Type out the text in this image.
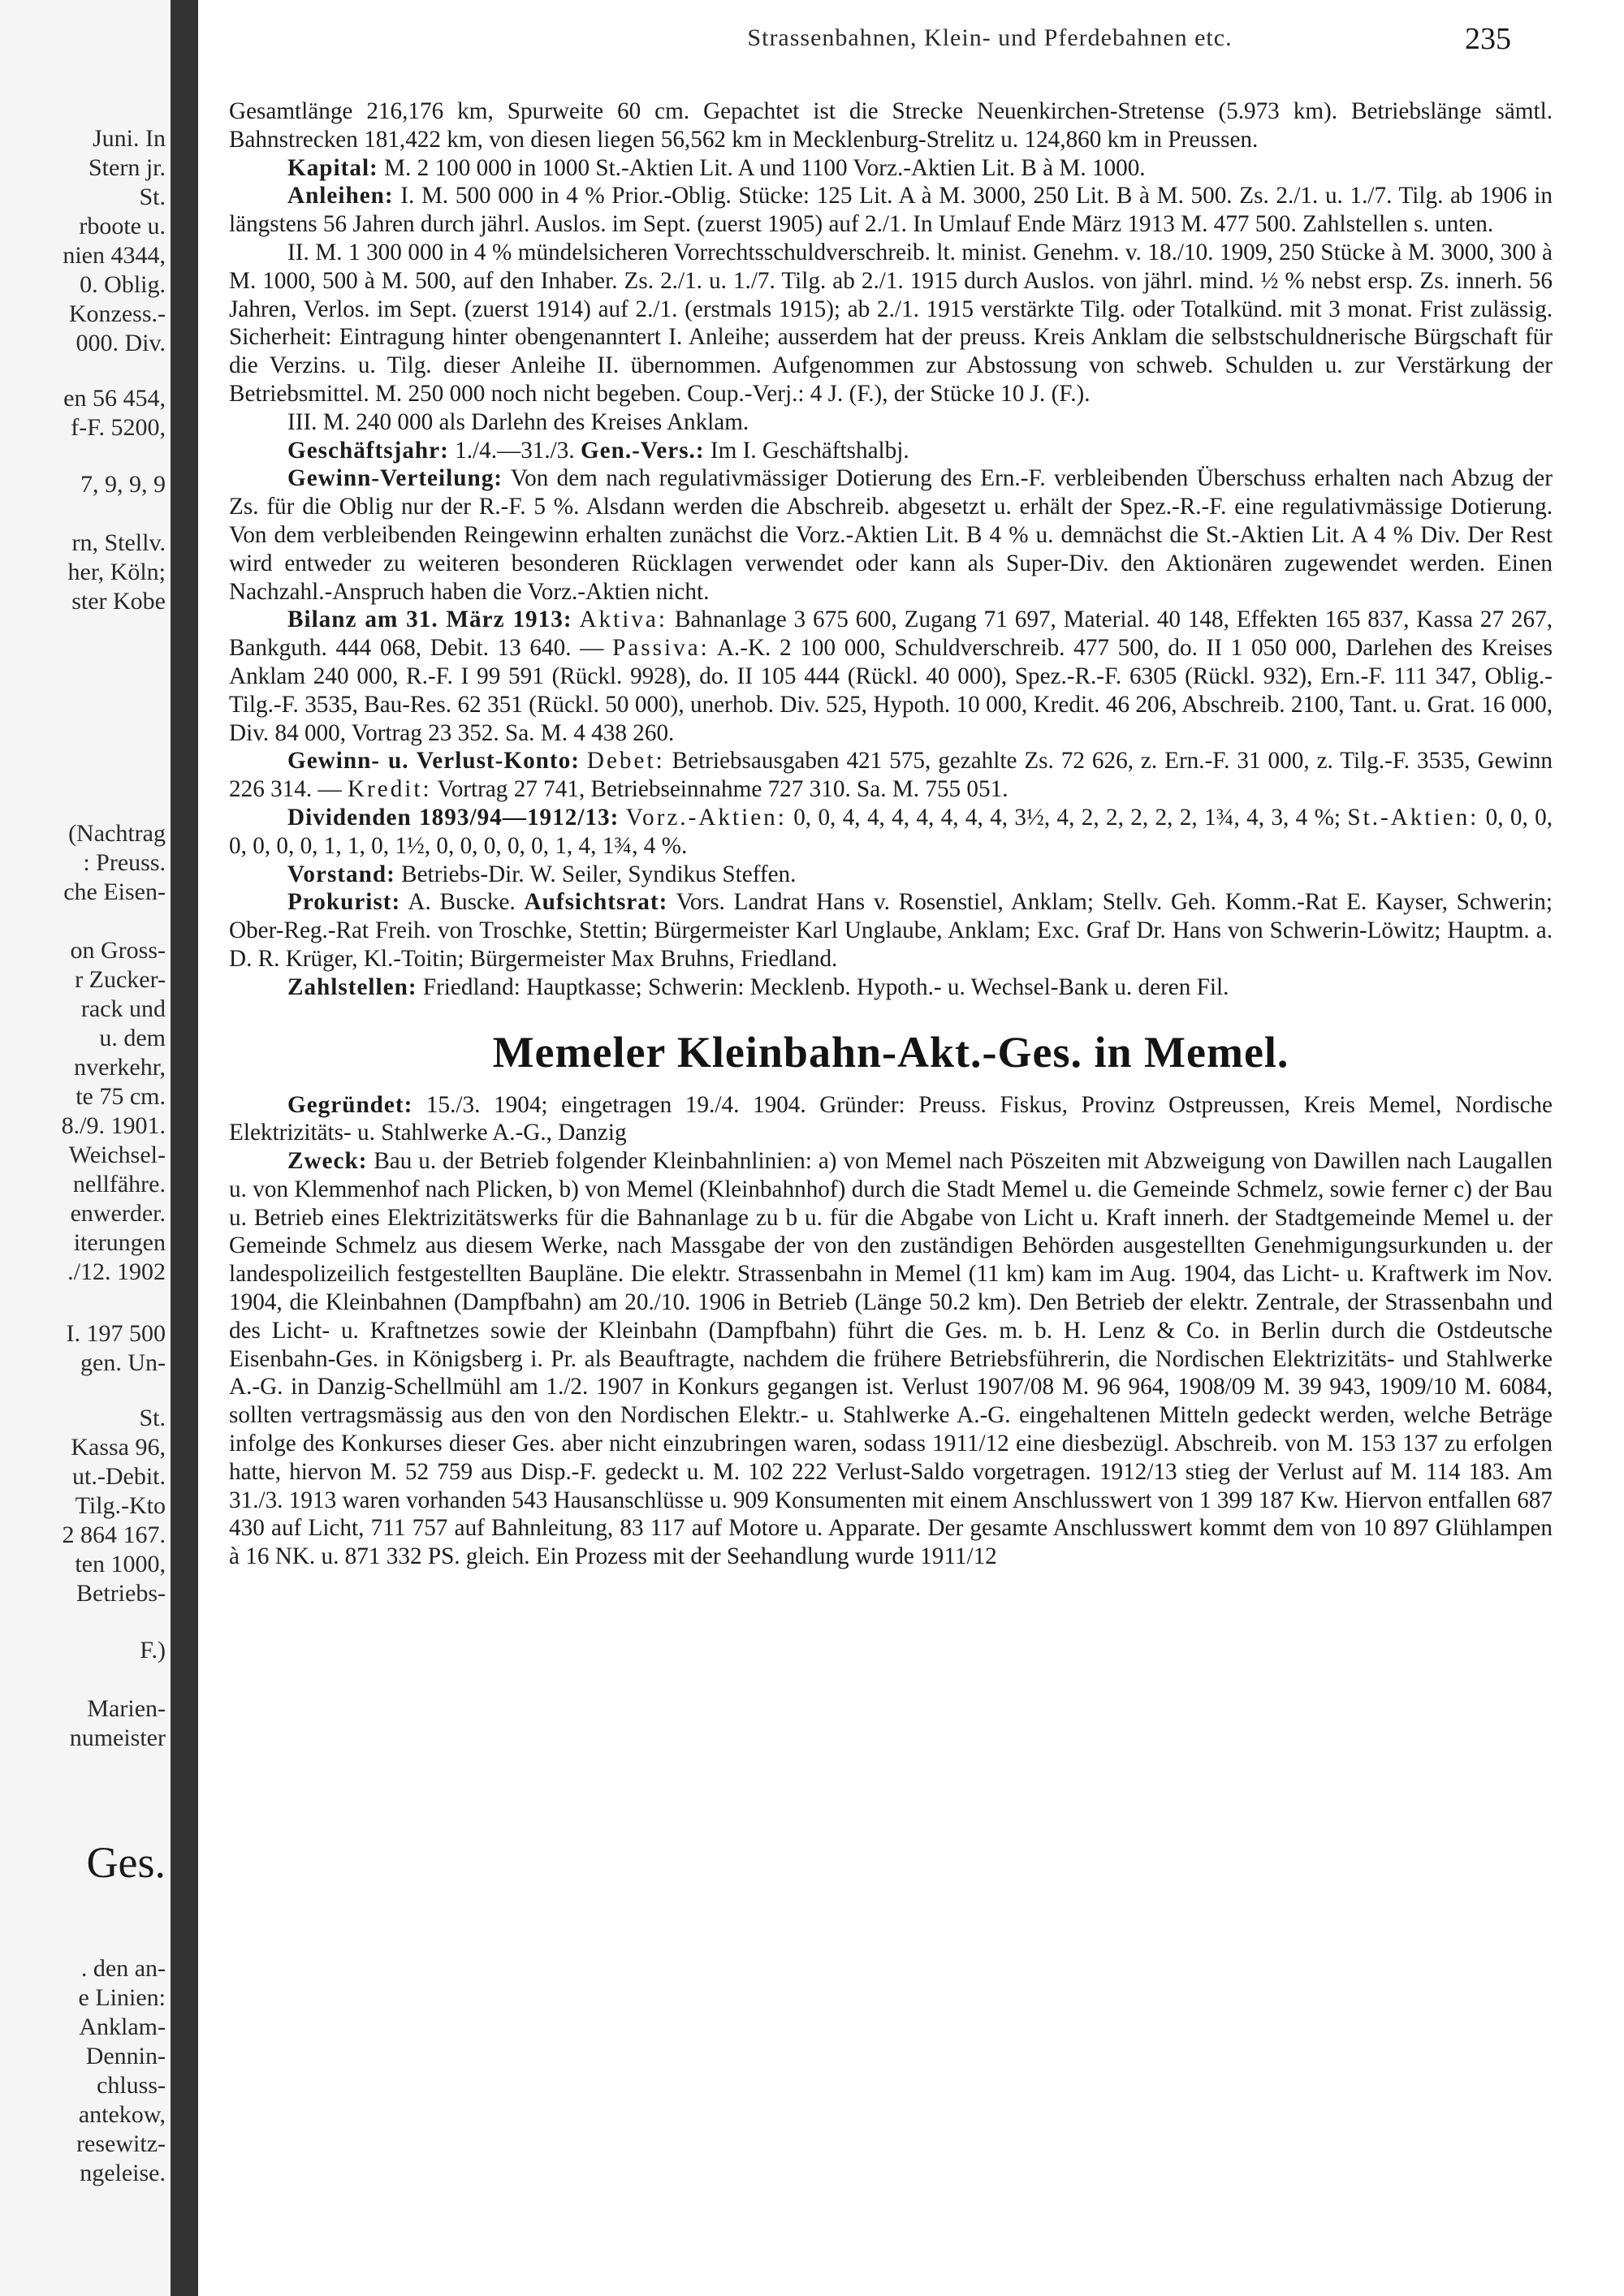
Juni. In
Stern jr.
St.
rboote u.
nien 4344,
0. Oblig.
Konzess.-
000. Div.
en 56 454,
f-F. 5200,
7, 9, 9, 9
rn, Stellv.
her, Köln;
ster Kobe
(Nachtrag
: Preuss.
che Eisen-
on Gross-
r Zucker-
rack und
u. dem
nverkehr,
te 75 cm.
8./9. 1901.
Weichsel-
nellfähre.
enwerder.
iterungen
./12. 1902
I. 197 500
gen. Un-
St.
Kassa 96,
ut.-Debit.
Tilg.-Kto
2 864 167.
ten 1000,
Betriebs-
F.)
Marien-
numeister
Ges.
. den an-
e Linien:
Anklam-
Dennin-
chluss-
antekow,
resewitz-
ngeleise.
Strassenbahnen, Klein- und Pferdebahnen etc.	235

Gesamtlänge 216,176 km, Spurweite 60 cm. Gepachtet ist die Strecke Neuenkirchen-Stretense (5.973 km). Betriebslänge sämtl. Bahnstrecken 181,422 km, von diesen liegen 56,562 km in Mecklenburg-Strelitz u. 124,860 km in Preussen.

Kapital: M. 2 100 000 in 1000 St.-Aktien Lit. A und 1100 Vorz.-Aktien Lit. B à M. 1000.

Anleihen: I. M. 500 000 in 4 % Prior.-Oblig. Stücke: 125 Lit. A à M. 3000, 250 Lit. B à M. 500. Zs. 2./1. u. 1./7. Tilg. ab 1906 in längstens 56 Jahren durch jährl. Auslos. im Sept. (zuerst 1905) auf 2./1. In Umlauf Ende März 1913 M. 477 500. Zahlstellen s. unten.

II. M. 1 300 000 in 4 % mündelsicheren Vorrechtsschuldverschreib. lt. minist. Genehm. v. 18./10. 1909, 250 Stücke à M. 3000, 300 à M. 1000, 500 à M. 500, auf den Inhaber. Zs. 2./1. u. 1./7. Tilg. ab 2./1. 1915 durch Auslos. von jährl. mind. ½ % nebst ersp. Zs. innerh. 56 Jahren, Verlos. im Sept. (zuerst 1914) auf 2./1. (erstmals 1915); ab 2./1. 1915 verstärkte Tilg. oder Totalkünd. mit 3 monat. Frist zulässig. Sicherheit: Eintragung hinter obengenanntert I. Anleihe; ausserdem hat der preuss. Kreis Anklam die selbstschuldnerische Bürgschaft für die Verzins. u. Tilg. dieser Anleihe II. übernommen. Aufgenommen zur Abstossung von schweb. Schulden u. zur Verstärkung der Betriebsmittel. M. 250 000 noch nicht begeben. Coup.-Verj.: 4 J. (F.), der Stücke 10 J. (F.).

III. M. 240 000 als Darlehn des Kreises Anklam.

Geschäftsjahr: 1./4.—31./3. Gen.-Vers.: Im I. Geschäftshalbj.

Gewinn-Verteilung: Von dem nach regulativmässiger Dotierung des Ern.-F. verbleibenden Überschuss erhalten nach Abzug der Zs. für die Oblig nur der R.-F. 5 %. Alsdann werden die Abschreib. abgesetzt u. erhält der Spez.-R.-F. eine regulativmässige Dotierung. Von dem verbleibenden Reingewinn erhalten zunächst die Vorz.-Aktien Lit. B 4 % u. demnächst die St.-Aktien Lit. A 4 % Div. Der Rest wird entweder zu weiteren besonderen Rücklagen verwendet oder kann als Super-Div. den Aktionären zugewendet werden. Einen Nachzahl.-Anspruch haben die Vorz.-Aktien nicht.

Bilanz am 31. März 1913: Aktiva: Bahnanlage 3 675 600, Zugang 71 697, Material. 40 148, Effekten 165 837, Kassa 27 267, Bankguth. 444 068, Debit. 13 640. — Passiva: A.-K. 2 100 000, Schuldverschreib. 477 500, do. II 1 050 000, Darlehen des Kreises Anklam 240 000, R.-F. I 99 591 (Rückl. 9928), do. II 105 444 (Rückl. 40 000), Spez.-R.-F. 6305 (Rückl. 932), Ern.-F. 111 347, Oblig.-Tilg.-F. 3535, Bau-Res. 62 351 (Rückl. 50 000), unerhob. Div. 525, Hypoth. 10 000, Kredit. 46 206, Abschreib. 2100, Tant. u. Grat. 16 000, Div. 84 000, Vortrag 23 352. Sa. M. 4 438 260.

Gewinn- u. Verlust-Konto: Debet: Betriebsausgaben 421 575, gezahlte Zs. 72 626, z. Ern.-F. 31 000, z. Tilg.-F. 3535, Gewinn 226 314. — Kredit: Vortrag 27 741, Betriebseinnahme 727 310. Sa. M. 755 051.

Dividenden 1893/94—1912/13: Vorz.-Aktien: 0, 0, 4, 4, 4, 4, 4, 4, 4, 3½, 4, 2, 2, 2, 2, 2, 1¾, 4, 3, 4 %; St.-Aktien: 0, 0, 0, 0, 0, 0, 0, 1, 1, 0, 1½, 0, 0, 0, 0, 0, 1, 4, 1¾, 4 %.

Vorstand: Betriebs-Dir. W. Seiler, Syndikus Steffen.

Prokurist: A. Buscke. Aufsichtsrat: Vors. Landrat Hans v. Rosenstiel, Anklam; Stellv. Geh. Komm.-Rat E. Kayser, Schwerin; Ober-Reg.-Rat Freih. von Troschke, Stettin; Bürgermeister Karl Unglaube, Anklam; Exc. Graf Dr. Hans von Schwerin-Löwitz; Hauptm. a. D. R. Krüger, Kl.-Toitin; Bürgermeister Max Bruhns, Friedland.

Zahlstellen: Friedland: Hauptkasse; Schwerin: Mecklenb. Hypoth.- u. Wechsel-Bank u. deren Fil.

Memeler Kleinbahn-Akt.-Ges. in Memel.

Gegründet: 15./3. 1904; eingetragen 19./4. 1904. Gründer: Preuss. Fiskus, Provinz Ostpreussen, Kreis Memel, Nordische Elektrizitäts- u. Stahlwerke A.-G., Danzig

Zweck: Bau u. der Betrieb folgender Kleinbahnlinien: a) von Memel nach Pöszeiten mit Abzweigung von Dawillen nach Laugallen u. von Klemmenhof nach Plicken, b) von Memel (Kleinbahnhof) durch die Stadt Memel u. die Gemeinde Schmelz, sowie ferner c) der Bau u. Betrieb eines Elektrizitätswerks für die Bahnanlage zu b u. für die Abgabe von Licht u. Kraft innerh. der Stadtgemeinde Memel u. der Gemeinde Schmelz aus diesem Werke, nach Massgabe der von den zuständigen Behörden ausgestellten Genehmigungsurkunden u. der landespolizeilich festgestellten Baupläne. Die elektr. Strassenbahn in Memel (11 km) kam im Aug. 1904, das Licht- u. Kraftwerk im Nov. 1904, die Kleinbahnen (Dampfbahn) am 20./10. 1906 in Betrieb (Länge 50.2 km). Den Betrieb der elektr. Zentrale, der Strassenbahn und des Licht- u. Kraftnetzes sowie der Kleinbahn (Dampfbahn) führt die Ges. m. b. H. Lenz & Co. in Berlin durch die Ostdeutsche Eisenbahn-Ges. in Königsberg i. Pr. als Beauftragte, nachdem die frühere Betriebsführerin, die Nordischen Elektrizitäts- und Stahlwerke A.-G. in Danzig-Schellmühl am 1./2. 1907 in Konkurs gegangen ist. Verlust 1907/08 M. 96 964, 1908/09 M. 39 943, 1909/10 M. 6084, sollten vertragsmässig aus den von den Nordischen Elektr.- u. Stahlwerke A.-G. eingehaltenen Mitteln gedeckt werden, welche Beträge infolge des Konkurses dieser Ges. aber nicht einzubringen waren, sodass 1911/12 eine diesbezügl. Abschreib. von M. 153 137 zu erfolgen hatte, hiervon M. 52 759 aus Disp.-F. gedeckt u. M. 102 222 Verlust-Saldo vorgetragen. 1912/13 stieg der Verlust auf M. 114 183. Am 31./3. 1913 waren vorhanden 543 Hausanschlüsse u. 909 Konsumenten mit einem Anschlusswert von 1 399 187 Kw. Hiervon entfallen 687 430 auf Licht, 711 757 auf Bahnleitung, 83 117 auf Motore u. Apparate. Der gesamte Anschlusswert kommt dem von 10 897 Glühlampen à 16 NK. u. 871 332 PS. gleich. Ein Prozess mit der Seehandlung wurde 1911/12
